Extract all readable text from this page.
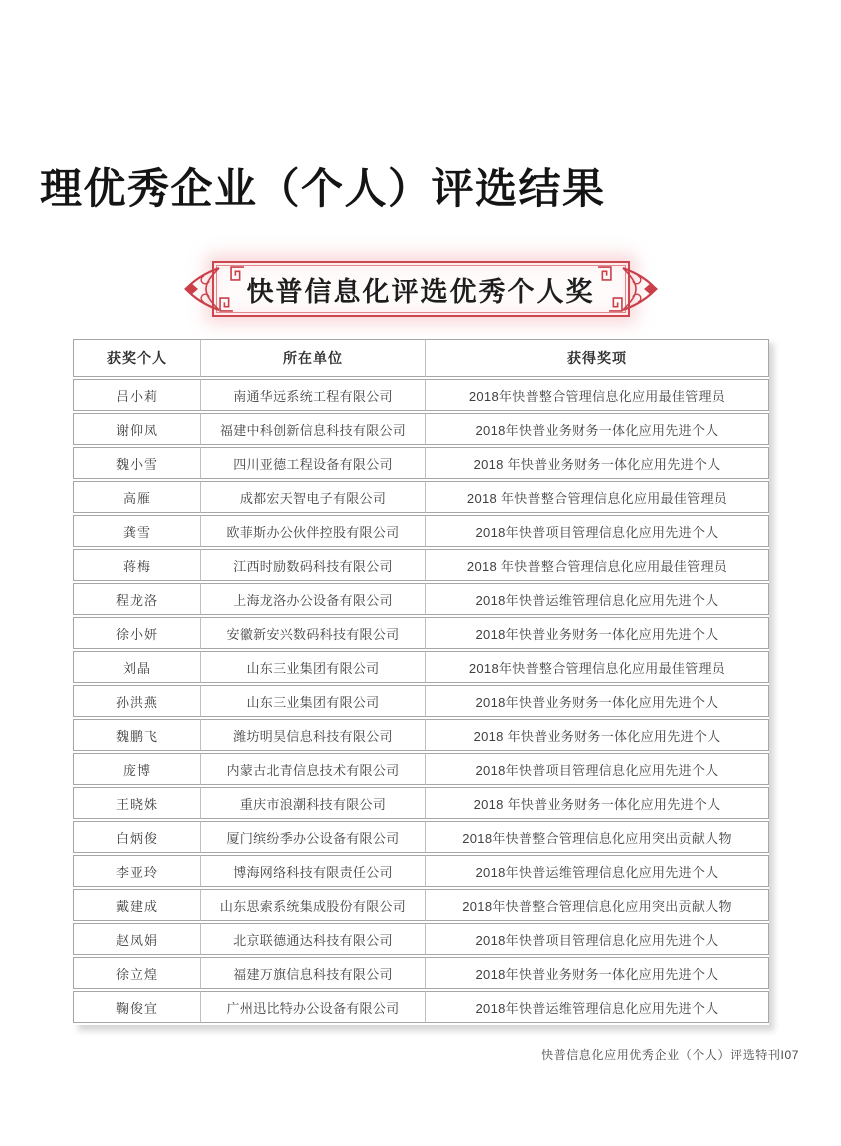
理优秀企业（个人）评选结果
快普信息化评选优秀个人奖
获奖个人	所在单位	获得奖项
吕小莉	南通华远系统工程有限公司	2018年快普整合管理信息化应用最佳管理员
谢仰凤	福建中科创新信息科技有限公司	2018年快普业务财务一体化应用先进个人
魏小雪	四川亚德工程设备有限公司	2018 年快普业务财务一体化应用先进个人
高雁	成都宏天智电子有限公司	2018 年快普整合管理信息化应用最佳管理员
龚雪	欧菲斯办公伙伴控股有限公司	2018年快普项目管理信息化应用先进个人
蒋梅	江西时励数码科技有限公司	2018 年快普整合管理信息化应用最佳管理员
程龙洛	上海龙洛办公设备有限公司	2018年快普运维管理信息化应用先进个人
徐小妍	安徽新安兴数码科技有限公司	2018年快普业务财务一体化应用先进个人
刘晶	山东三业集团有限公司	2018年快普整合管理信息化应用最佳管理员
孙洪燕	山东三业集团有限公司	2018年快普业务财务一体化应用先进个人
魏鹏飞	潍坊明昊信息科技有限公司	2018 年快普业务财务一体化应用先进个人
庞博	内蒙古北青信息技术有限公司	2018年快普项目管理信息化应用先进个人
王晓姝	重庆市浪潮科技有限公司	2018 年快普业务财务一体化应用先进个人
白炳俊	厦门缤纷季办公设备有限公司	2018年快普整合管理信息化应用突出贡献人物
李亚玲	博海网络科技有限责任公司	2018年快普运维管理信息化应用先进个人
戴建成	山东思索系统集成股份有限公司	2018年快普整合管理信息化应用突出贡献人物
赵凤娟	北京联德通达科技有限公司	2018年快普项目管理信息化应用先进个人
徐立煌	福建万旗信息科技有限公司	2018年快普业务财务一体化应用先进个人
鞠俊宜	广州迅比特办公设备有限公司	2018年快普运维管理信息化应用先进个人
快普信息化应用优秀企业（个人）评选特刊I07
